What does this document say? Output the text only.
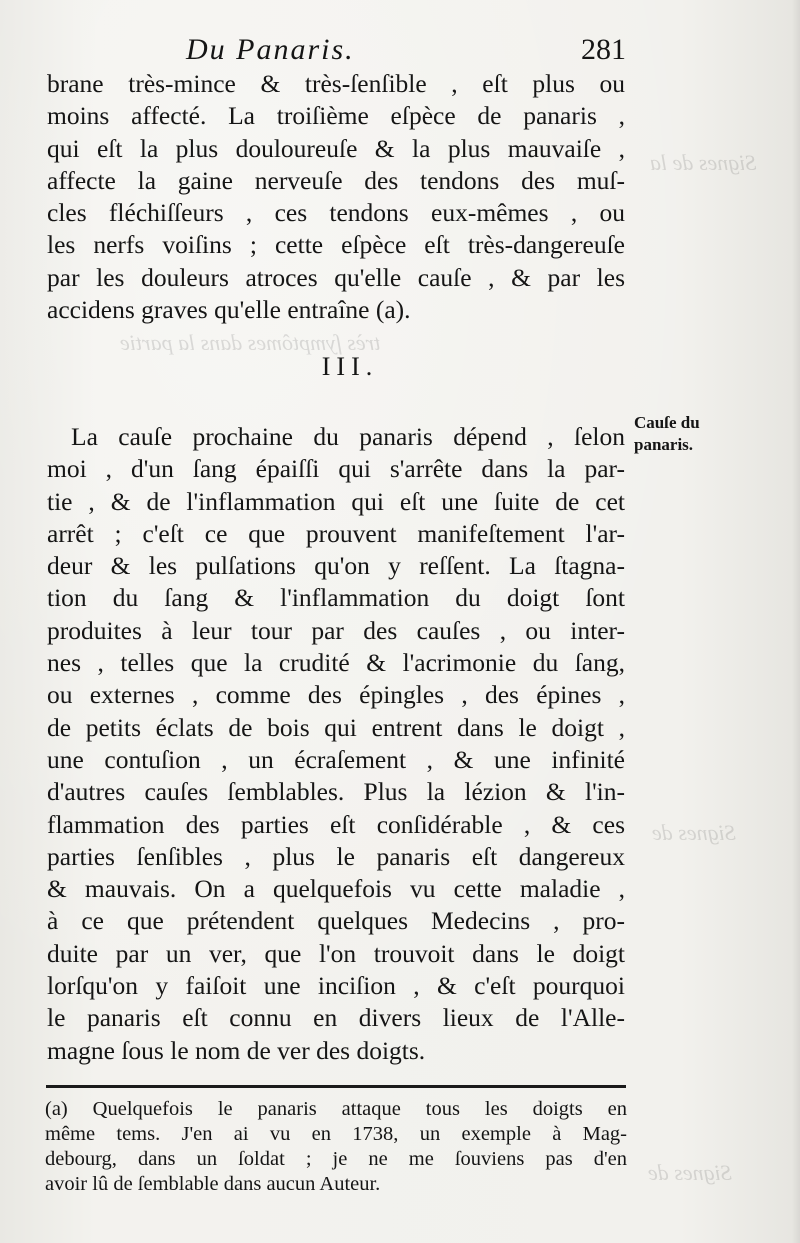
Signes de la
Signes de
Signes de
très ſymptômes dans la partie
Du Panaris.	281
brane très-mince & très-ſenſible , eſt plus ou
moins affecté. La troiſième eſpèce de panaris ,
qui eſt la plus douloureuſe & la plus mauvaiſe ,
affecte la gaine nerveuſe des tendons des muſ-
cles fléchiſſeurs , ces tendons eux-mêmes , ou
les nerfs voiſins ; cette eſpèce eſt très-dangereuſe
par les douleurs atroces qu'elle cauſe , & par les
accidens graves qu'elle entraîne (a).
III.
La cauſe prochaine du panaris dépend , ſelon
moi , d'un ſang épaiſſi qui s'arrête dans la par-
tie , & de l'inflammation qui eſt une ſuite de cet
arrêt ; c'eſt ce que prouvent manifeſtement l'ar-
deur & les pulſations qu'on y reſſent. La ſtagna-
tion du ſang & l'inflammation du doigt ſont
produites à leur tour par des cauſes , ou inter-
nes , telles que la crudité & l'acrimonie du ſang,
ou externes , comme des épingles , des épines ,
de petits éclats de bois qui entrent dans le doigt ,
une contuſion , un écraſement , & une infinité
d'autres cauſes ſemblables. Plus la lézion & l'in-
flammation des parties eſt conſidérable , & ces
parties ſenſibles , plus le panaris eſt dangereux
& mauvais. On a quelquefois vu cette maladie ,
à ce que prétendent quelques Medecins , pro-
duite par un ver, que l'on trouvoit dans le doigt
lorſqu'on y faiſoit une inciſion , & c'eſt pourquoi
le panaris eſt connu en divers lieux de l'Alle-
magne ſous le nom de ver des doigts.
Cauſe du
panaris.
(a) Quelquefois le panaris attaque tous les doigts en
même tems. J'en ai vu en 1738, un exemple à Mag-
debourg, dans un ſoldat ; je ne me ſouviens pas d'en
avoir lû de ſemblable dans aucun Auteur.
